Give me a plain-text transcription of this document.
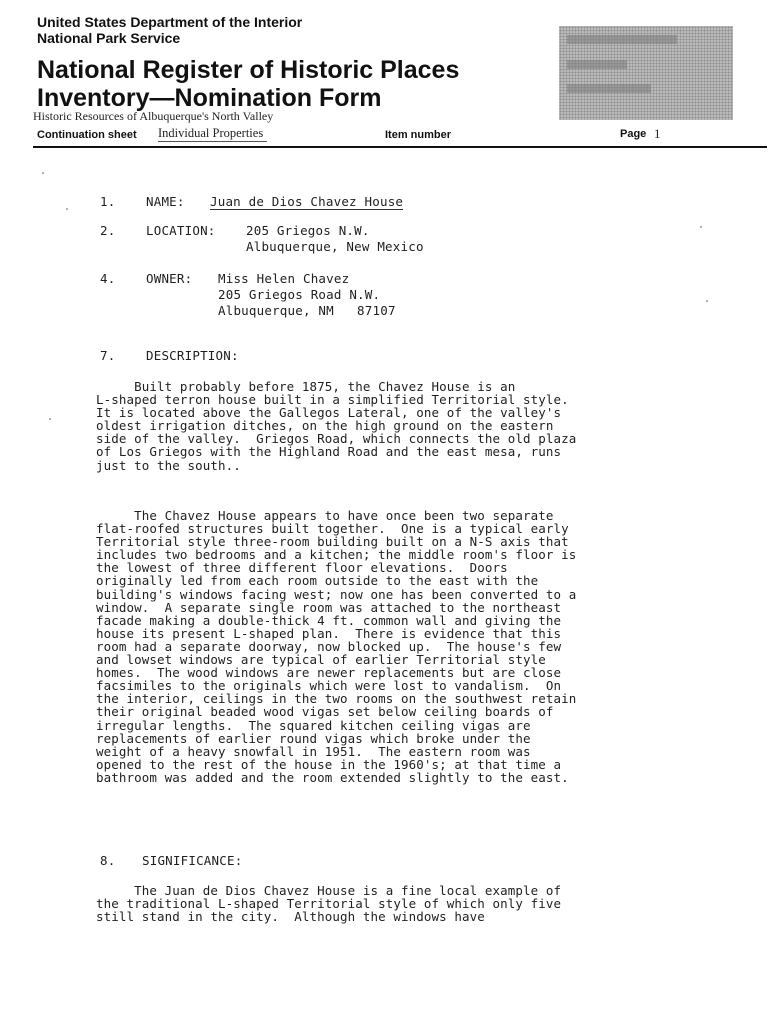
United States Department of the Interior
National Park Service
National Register of Historic Places
Inventory—Nomination Form
Historic Resources of Albuquerque's North Valley
Continuation sheet Individual Properties	Item number	Page 1
1. NAME: Juan de Dios Chavez House
2. LOCATION: 205 Griegos N.W.
Albuquerque, New Mexico
4. OWNER: Miss Helen Chavez
205 Griegos Road N.W.
Albuquerque, NM   87107
7. DESCRIPTION:
Built probably before 1875, the Chavez House is an
L-shaped terron house built in a simplified Territorial style.
It is located above the Gallegos Lateral, one of the valley's
oldest irrigation ditches, on the high ground on the eastern
side of the valley.  Griegos Road, which connects the old plaza
of Los Griegos with the Highland Road and the east mesa, runs
just to the south..
The Chavez House appears to have once been two separate
flat-roofed structures built together.  One is a typical early
Territorial style three-room building built on a N-S axis that
includes two bedrooms and a kitchen; the middle room's floor is
the lowest of three different floor elevations.  Doors
originally led from each room outside to the east with the
building's windows facing west; now one has been converted to a
window.  A separate single room was attached to the northeast
facade making a double-thick 4 ft. common wall and giving the
house its present L-shaped plan.  There is evidence that this
room had a separate doorway, now blocked up.  The house's few
and lowset windows are typical of earlier Territorial style
homes.  The wood windows are newer replacements but are close
facsimiles to the originals which were lost to vandalism.  On
the interior, ceilings in the two rooms on the southwest retain
their original beaded wood vigas set below ceiling boards of
irregular lengths.  The squared kitchen ceiling vigas are
replacements of earlier round vigas which broke under the
weight of a heavy snowfall in 1951.  The eastern room was
opened to the rest of the house in the 1960's; at that time a
bathroom was added and the room extended slightly to the east.
8. SIGNIFICANCE:
The Juan de Dios Chavez House is a fine local example of
the traditional L-shaped Territorial style of which only five
still stand in the city.  Although the windows have
